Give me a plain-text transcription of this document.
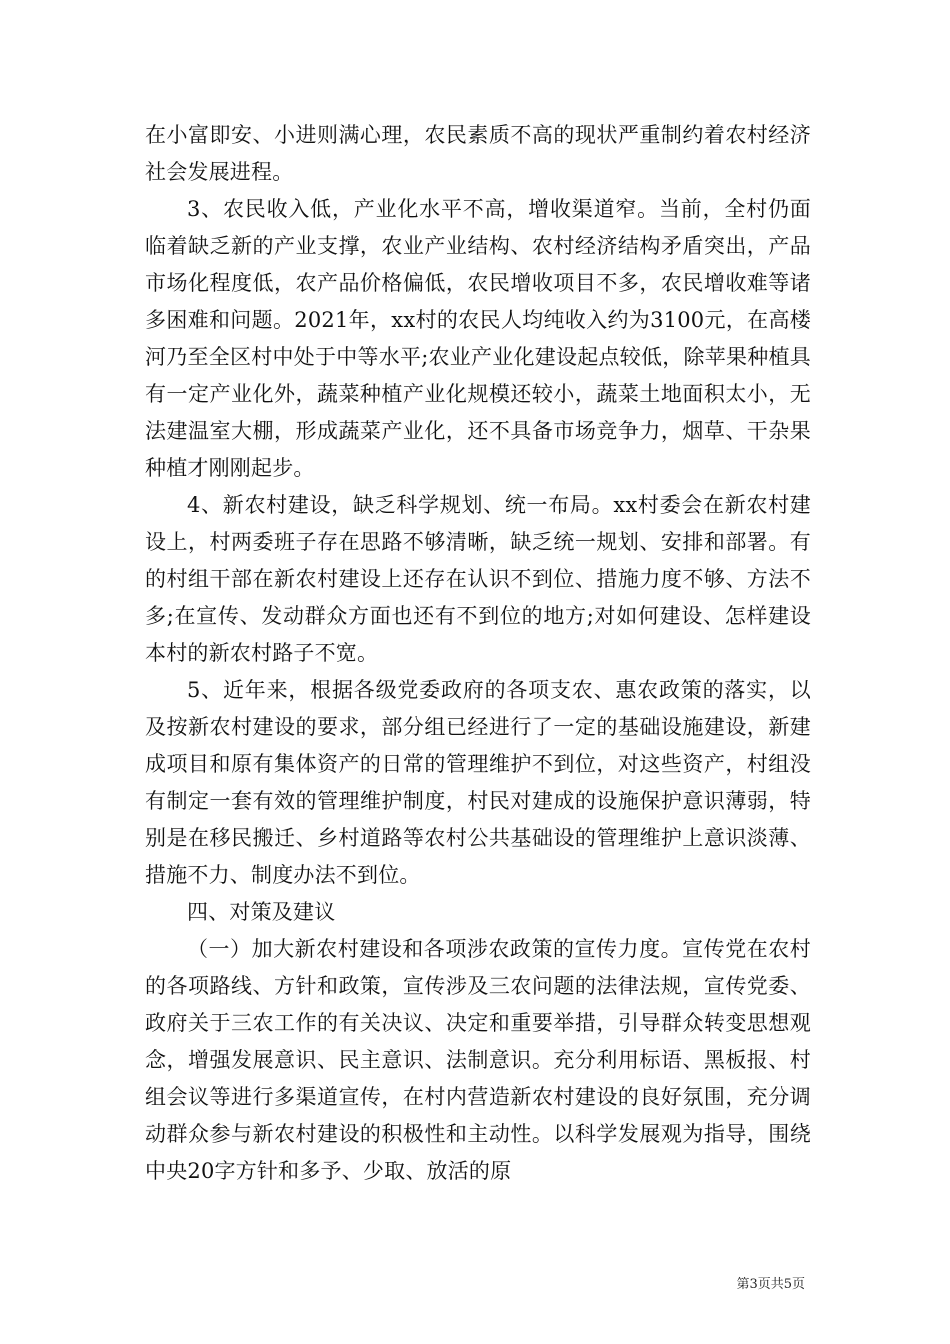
在小富即安、小进则满心理，农民素质不高的现状严重制约着农村经济社会发展进程。

3、农民收入低，产业化水平不高，增收渠道窄。当前，全村仍面临着缺乏新的产业支撑，农业产业结构、农村经济结构矛盾突出，产品市场化程度低，农产品价格偏低，农民增收项目不多，农民增收难等诸多困难和问题。2021年，xx村的农民人均纯收入约为3100元，在高楼河乃至全区村中处于中等水平;农业产业化建设起点较低，除苹果种植具有一定产业化外，蔬菜种植产业化规模还较小，蔬菜土地面积太小，无法建温室大棚，形成蔬菜产业化，还不具备市场竞争力，烟草、干杂果种植才刚刚起步。

4、新农村建设，缺乏科学规划、统一布局。xx村委会在新农村建设上，村两委班子存在思路不够清晰，缺乏统一规划、安排和部署。有的村组干部在新农村建设上还存在认识不到位、措施力度不够、方法不多;在宣传、发动群众方面也还有不到位的地方;对如何建设、怎样建设本村的新农村路子不宽。

5、近年来，根据各级党委政府的各项支农、惠农政策的落实，以及按新农村建设的要求，部分组已经进行了一定的基础设施建设，新建成项目和原有集体资产的日常的管理维护不到位，对这些资产，村组没有制定一套有效的管理维护制度，村民对建成的设施保护意识薄弱，特别是在移民搬迁、乡村道路等农村公共基础设的管理维护上意识淡薄、措施不力、制度办法不到位。

四、对策及建议

（一）加大新农村建设和各项涉农政策的宣传力度。宣传党在农村的各项路线、方针和政策，宣传涉及三农问题的法律法规，宣传党委、政府关于三农工作的有关决议、决定和重要举措，引导群众转变思想观念，增强发展意识、民主意识、法制意识。充分利用标语、黑板报、村组会议等进行多渠道宣传，在村内营造新农村建设的良好氛围，充分调动群众参与新农村建设的积极性和主动性。以科学发展观为指导，围绕中央20字方针和多予、少取、放活的原

第3页共5页
